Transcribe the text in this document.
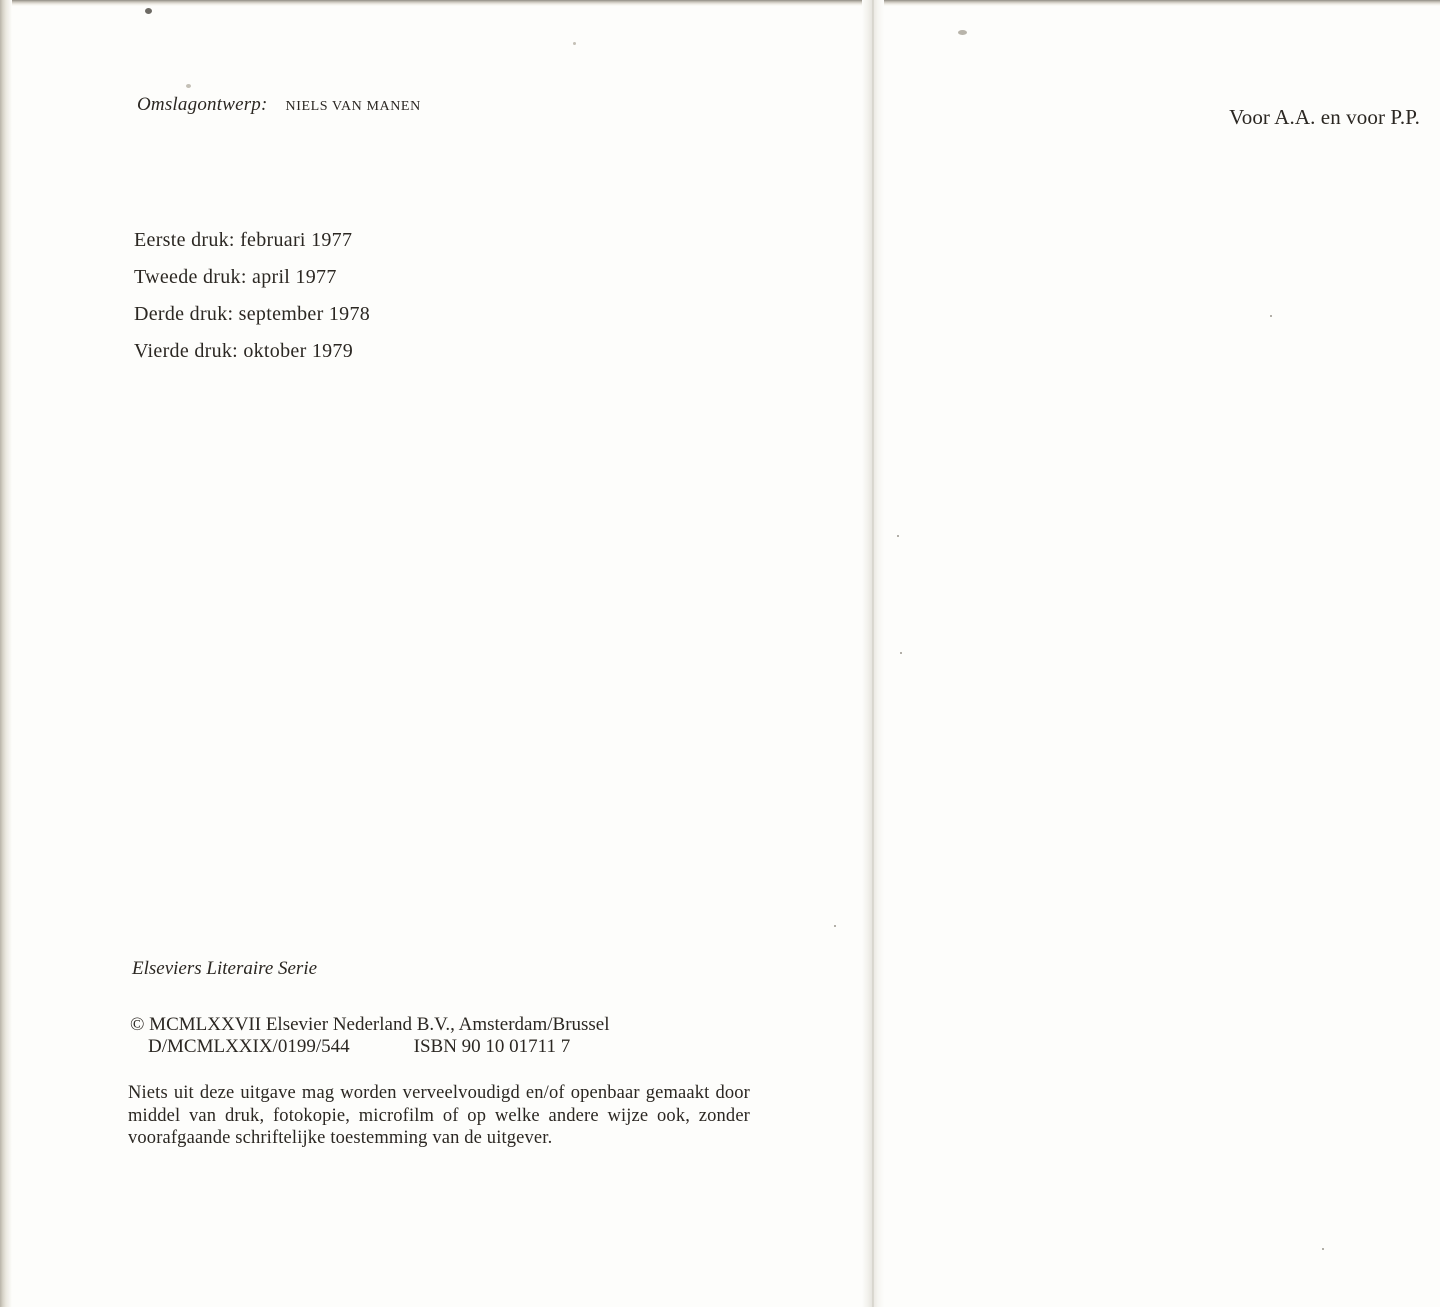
Omslagontwerp: NIELS VAN MANEN
Eerste druk: februari 1977
Tweede druk: april 1977
Derde druk: september 1978
Vierde druk: oktober 1979
Elseviers Literaire Serie
© MCMLXXVII Elsevier Nederland B.V., Amsterdam/Brussel
D/MCMLXXIX/0199/544	ISBN 90 10 01711 7

Niets uit deze uitgave mag worden verveelvoudigd en/of openbaar gemaakt door middel van druk, fotokopie, microfilm of op welke andere wijze ook, zonder voorafgaande schriftelijke toestemming van de uitgever.

Voor A.A. en voor P.P.
